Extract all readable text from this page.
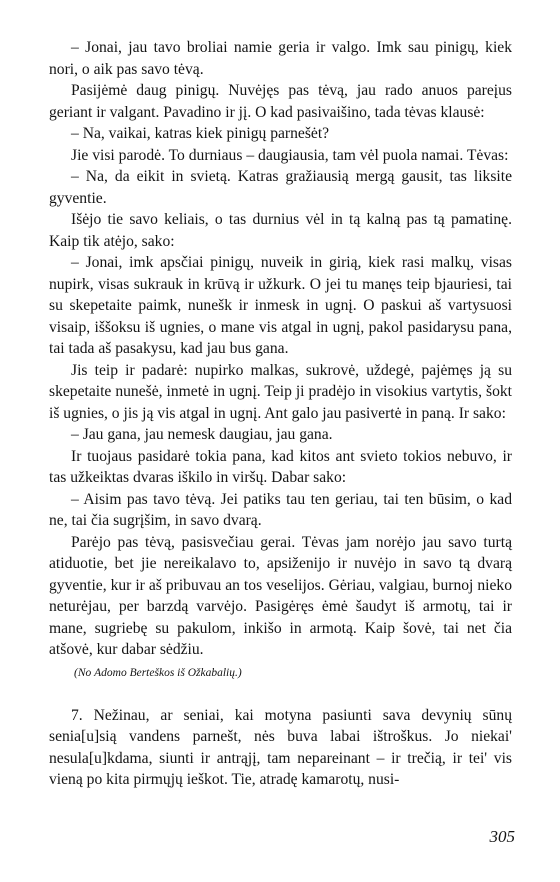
– Jonai, jau tavo broliai namie geria ir valgo. Imk sau pinigų, kiek nori, o aik pas savo tėvą.

Pasijėmė daug pinigų. Nuvėjęs pas tėvą, jau rado anuos pareįus geriant ir valgant. Pavadino ir jį. O kad pasivaišino, tada tėvas klausė:

– Na, vaikai, katras kiek pinigų parnešėt?

Jie visi parodė. To durniaus – daugiausia, tam vėl puola namai. Tėvas:

– Na, da eikit in svietą. Katras gražiausią mergą gausit, tas liksite gyventie.

Išėjo tie savo keliais, o tas durnius vėl in tą kalną pas tą pamatinę. Kaip tik atėjo, sako:

– Jonai, imk apsčiai pinigų, nuveik in girią, kiek rasi malkų, visas nupirk, visas sukrauk in krūvą ir užkurk. O jei tu manęs teip bjauriesi, tai su skepetaite paimk, nunešk ir inmesk in ugnį. O paskui aš vartysuosi visaip, iššoksu iš ugnies, o mane vis atgal in ugnį, pakol pasidarysu pana, tai tada aš pasakysu, kad jau bus gana.

Jis teip ir padarė: nupirko malkas, sukrovė, uždegė, pajėmęs ją su skepetaite nunešė, inmetė in ugnį. Teip ji pradėjo in visokius vartytis, šokt iš ugnies, o jis ją vis atgal in ugnį. Ant galo jau pasivertė in paną. Ir sako:

– Jau gana, jau nemesk daugiau, jau gana.

Ir tuojaus pasidarė tokia pana, kad kitos ant svieto tokios nebuvo, ir tas užkeiktas dvaras iškilo in viršų. Dabar sako:

– Aisim pas tavo tėvą. Jei patiks tau ten geriau, tai ten būsim, o kad ne, tai čia sugrįšim, in savo dvarą.

Parėjo pas tėvą, pasisvečiau gerai. Tėvas jam norėjo jau savo turtą atiduotie, bet jie nereikalavo to, apsiženijo ir nuvėjo in savo tą dvarą gyventie, kur ir aš pribuvau an tos veselijos. Gėriau, valgiau, burnoj nieko neturėjau, per barzdą varvėjo. Pasigėręs ėmė šaudyt iš armotų, tai ir mane, sugriebę su pakulom, inkišo in armotą. Kaip šovė, tai net čia atšovė, kur dabar sėdžiu.

(Nо Adomo Berteškos iš Ožkabalių.)

7. Nežinau, ar seniai, kai motyna pasiunti sava devynių sūnų senia[u]sią vandens parnešt, nės buva labai ištroškus. Jo niekai' nesula[u]kdama, siunti ir antrąjį, tam nepareinant – ir trečią, ir tei' vis vieną po kita pirmųjų ieškot. Tie, atradę kamarotų, nusi-

305
